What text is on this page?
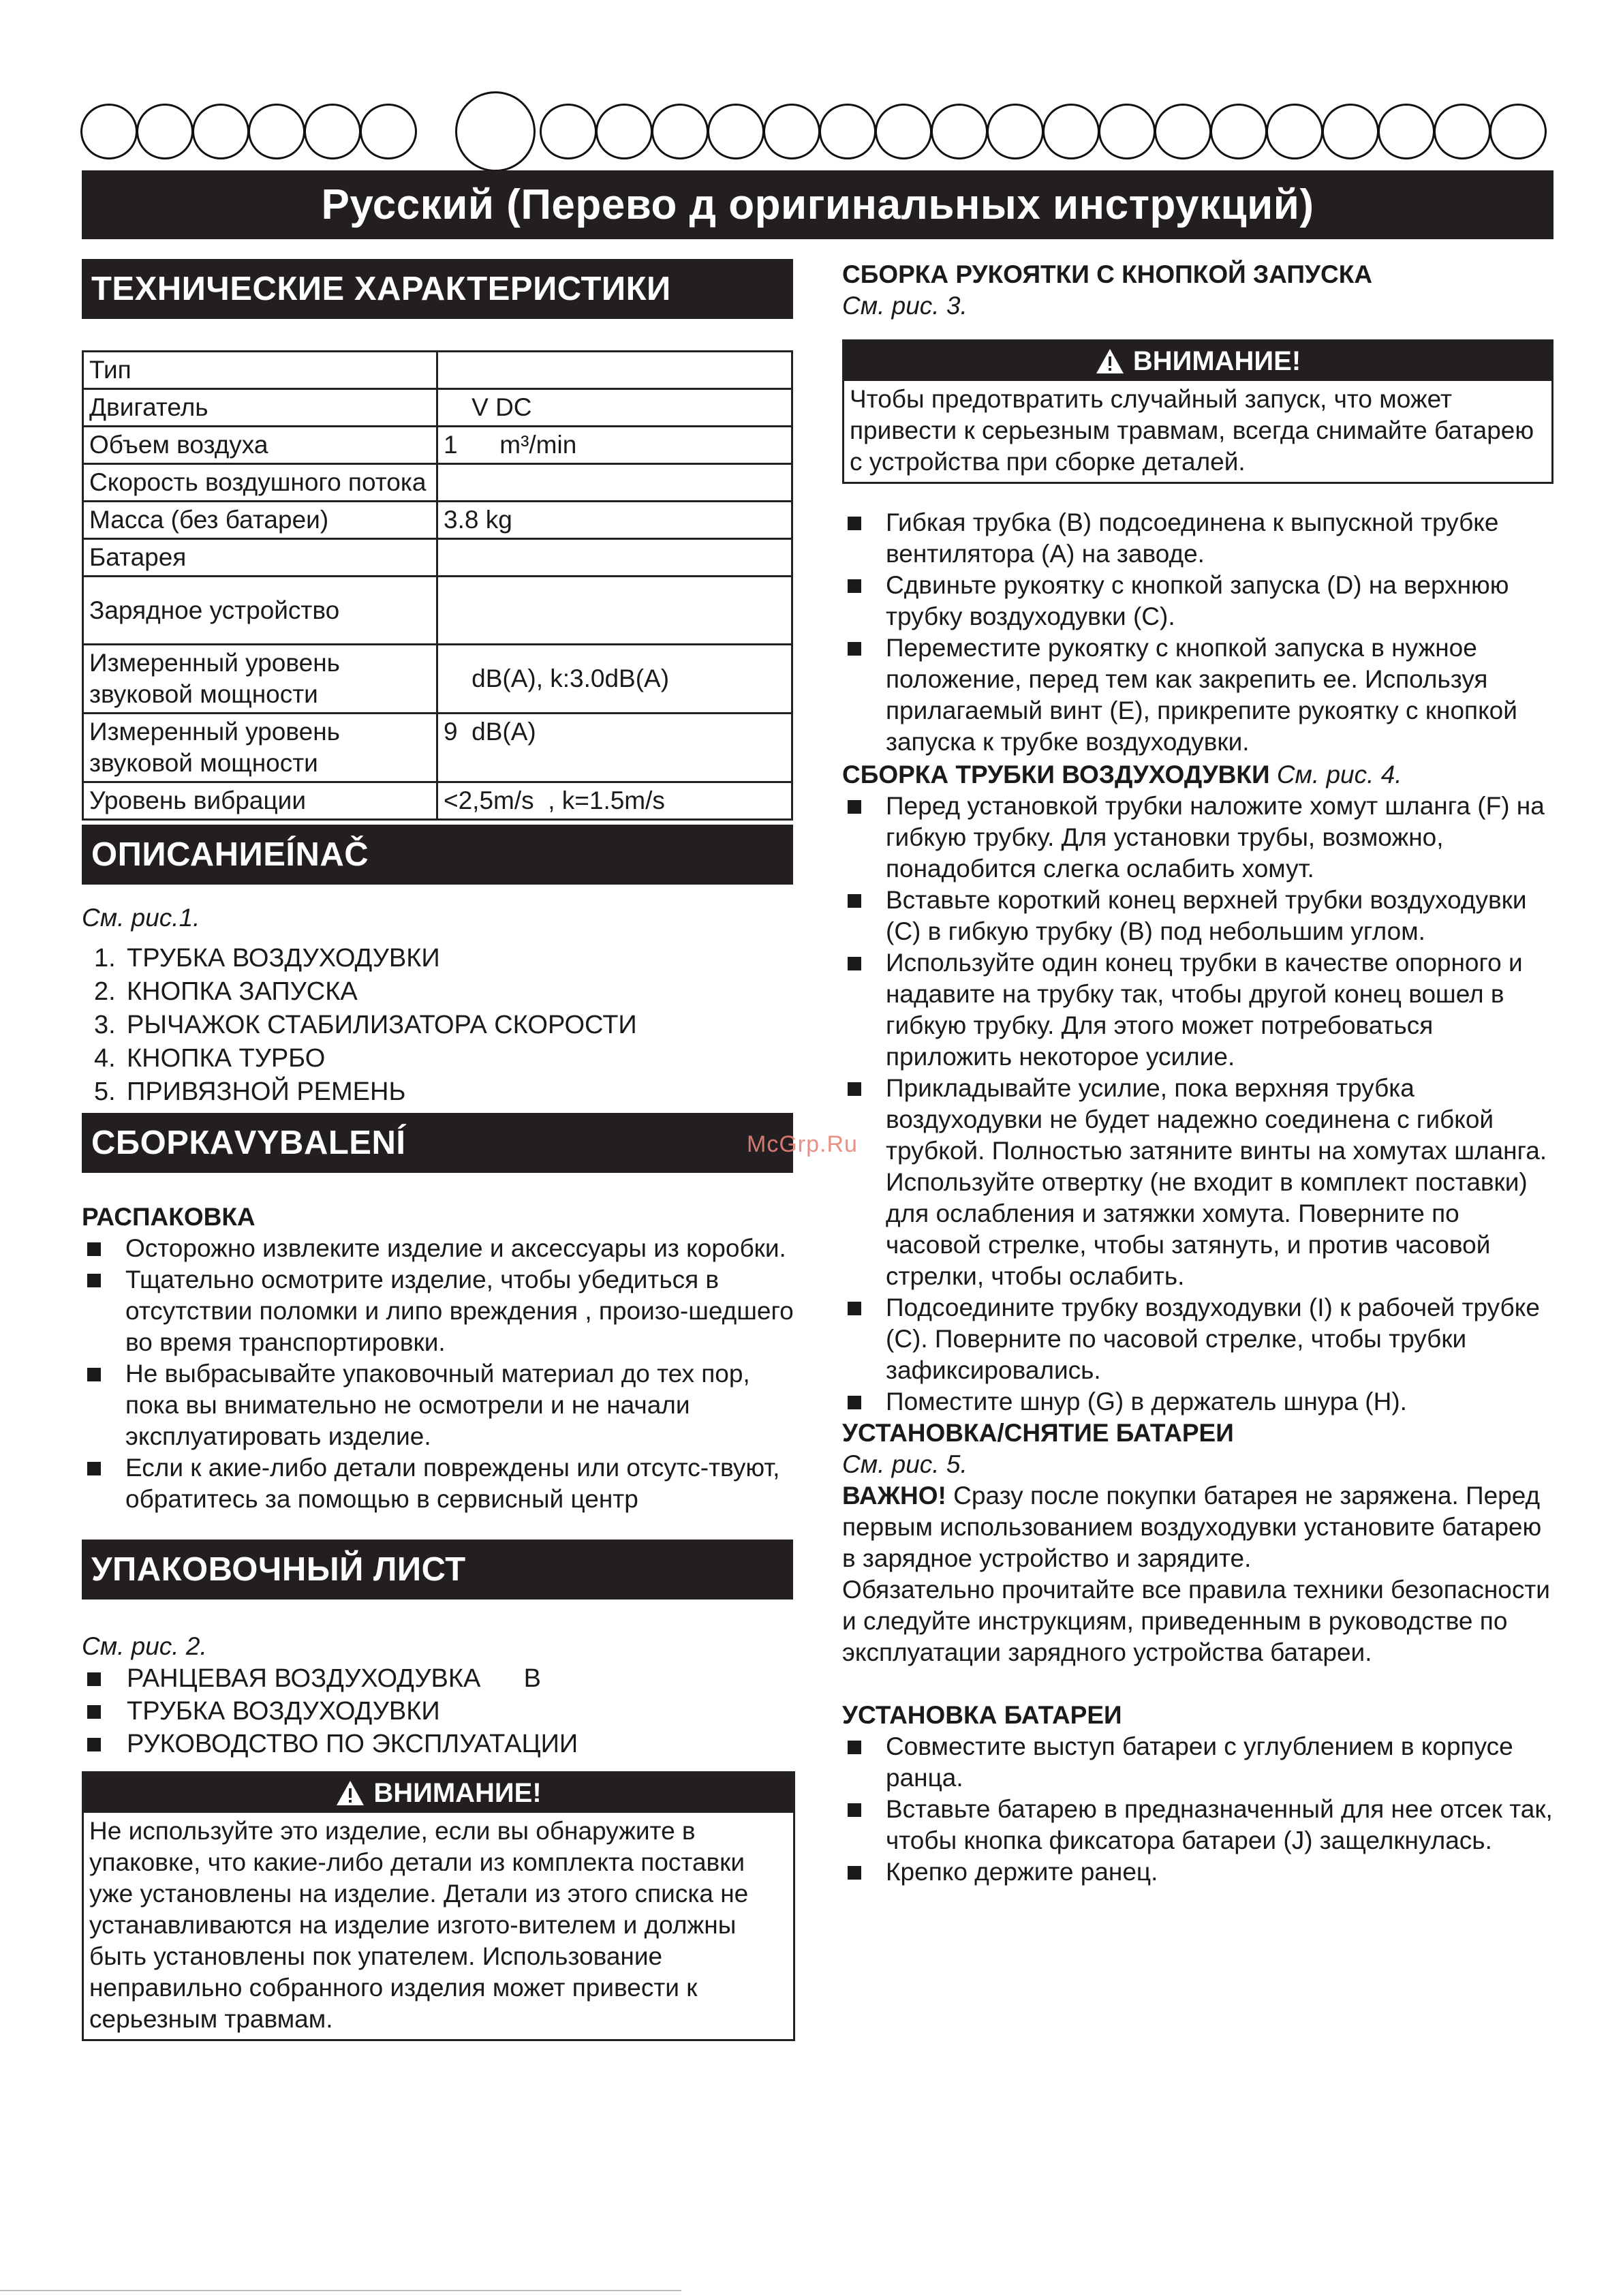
Русский (Перево д оригинальных инструкций)
ТЕХНИЧЕСКИЕ ХАРАКТЕРИСТИКИ
Тип	
Двигатель	V DC
Объем воздуха	1      m³/min
Скорость воздушного потока	
Масса (без батареи)	3.8 kg
Батарея	
Зарядное устройство	
Измеренный уровень звуковой мощности	dB(A), k:3.0dB(A)
Измеренный уровень звуковой мощности	9  dB(A)
Уровень вибрации	<2,5m/s  , k=1.5m/s
ОПИСАНИЕÍNAČ
См. рис.1.
1. ТРУБКА ВОЗДУХОДУВКИ
2. КНОПКА ЗАПУСКА
3. РЫЧАЖОК СТАБИЛИЗАТОРА СКОРОСТИ
4. КНОПКА ТУРБО
5. ПРИВЯЗНОЙ РЕМЕНЬ
СБОРКАVYBALENÍ
РАСПАКОВКА
Осторожно извлеките изделие и аксессуары из коробки.
Тщательно осмотрите изделие, чтобы убедиться в отсутствии поломки и липо вреждения , произо-шедшего во время транспортировки.
Не выбрасывайте упаковочный материал до тех пор, пока вы внимательно не осмотрели и не начали эксплуатировать изделие.
Если к акие-либо детали повреждены или отсутс-твуют, обратитесь за помощью в сервисный центр
УПАКОВОЧНЫЙ ЛИСТ
См. рис. 2.
РАНЦЕВАЯ ВОЗДУХОДУВКА      В
ТРУБКА ВОЗДУХОДУВКИ
РУКОВОДСТВО ПО ЭКСПЛУАТАЦИИ
ВНИМАНИЕ!
Не используйте это изделие, если вы обнаружите в упаковке, что какие-либо детали из комплекта поставки уже установлены на изделие. Детали из этого списка не устанавливаются на изделие изгото-вителем и должны быть установлены пок упателем. Использование неправильно собранного изделия может привести к серьезным травмам.
СБОРКА РУКОЯТКИ С КНОПКОЙ ЗАПУСКА
См. рис. 3.
ВНИМАНИЕ!
Чтобы предотвратить случайный запуск, что может привести к серьезным травмам, всегда снимайте батарею с устройства при сборке деталей.
Гибкая трубка (B) подсоединена к выпускной трубке вентилятора (A) на заводе.
Сдвиньте рукоятку с кнопкой запуска (D) на верхнюю трубку воздуходувки (C).
Переместите рукоятку с кнопкой запуска в нужное положение, перед тем как закрепить ее. Используя прилагаемый винт (E), прикрепите рукоятку с кнопкой запуска к трубке воздуходувки.
СБОРКА ТРУБКИ ВОЗДУХОДУВКИ См. рис. 4.
Перед установкой трубки наложите хомут шланга (F) на гибкую трубку. Для установки трубы, возможно, понадобится слегка ослабить хомут.
Вставьте короткий конец верхней трубки воздуходувки (C) в гибкую трубку (B) под небольшим углом.
Используйте один конец трубки в качестве опорного и надавите на трубку так, чтобы другой конец вошел в гибкую трубку. Для этого может потребоваться приложить некоторое усилие.
Прикладывайте усилие, пока верхняя трубка воздуходувки не будет надежно соединена с гибкой трубкой. Полностью затяните винты на хомутах шланга. Используйте отвертку (не входит в комплект поставки) для ослабления и затяжки хомута. Поверните по часовой стрелке, чтобы затянуть, и против часовой стрелки, чтобы ослабить.
Подсоедините трубку воздуходувки (I) к рабочей трубке (C). Поверните по часовой стрелке, чтобы трубки зафиксировались.
Поместите шнур (G) в держатель шнура (H).
УСТАНОВКА/СНЯТИЕ БАТАРЕИ
См. рис. 5.
ВАЖНО! Сразу после покупки батарея не заряжена. Перед первым использованием воздуходувки установите батарею в зарядное устройство и зарядите.
Обязательно прочитайте все правила техники безопасности и следуйте инструкциям, приведенным в руководстве по эксплуатации зарядного устройства батареи.
УСТАНОВКА БАТАРЕИ
Совместите выступ батареи с углублением в корпусе ранца.
Вставьте батарею в предназначенный для нее отсек так, чтобы кнопка фиксатора батареи (J) защелкнулась.
Крепко держите ранец.
McGrp.Ru
